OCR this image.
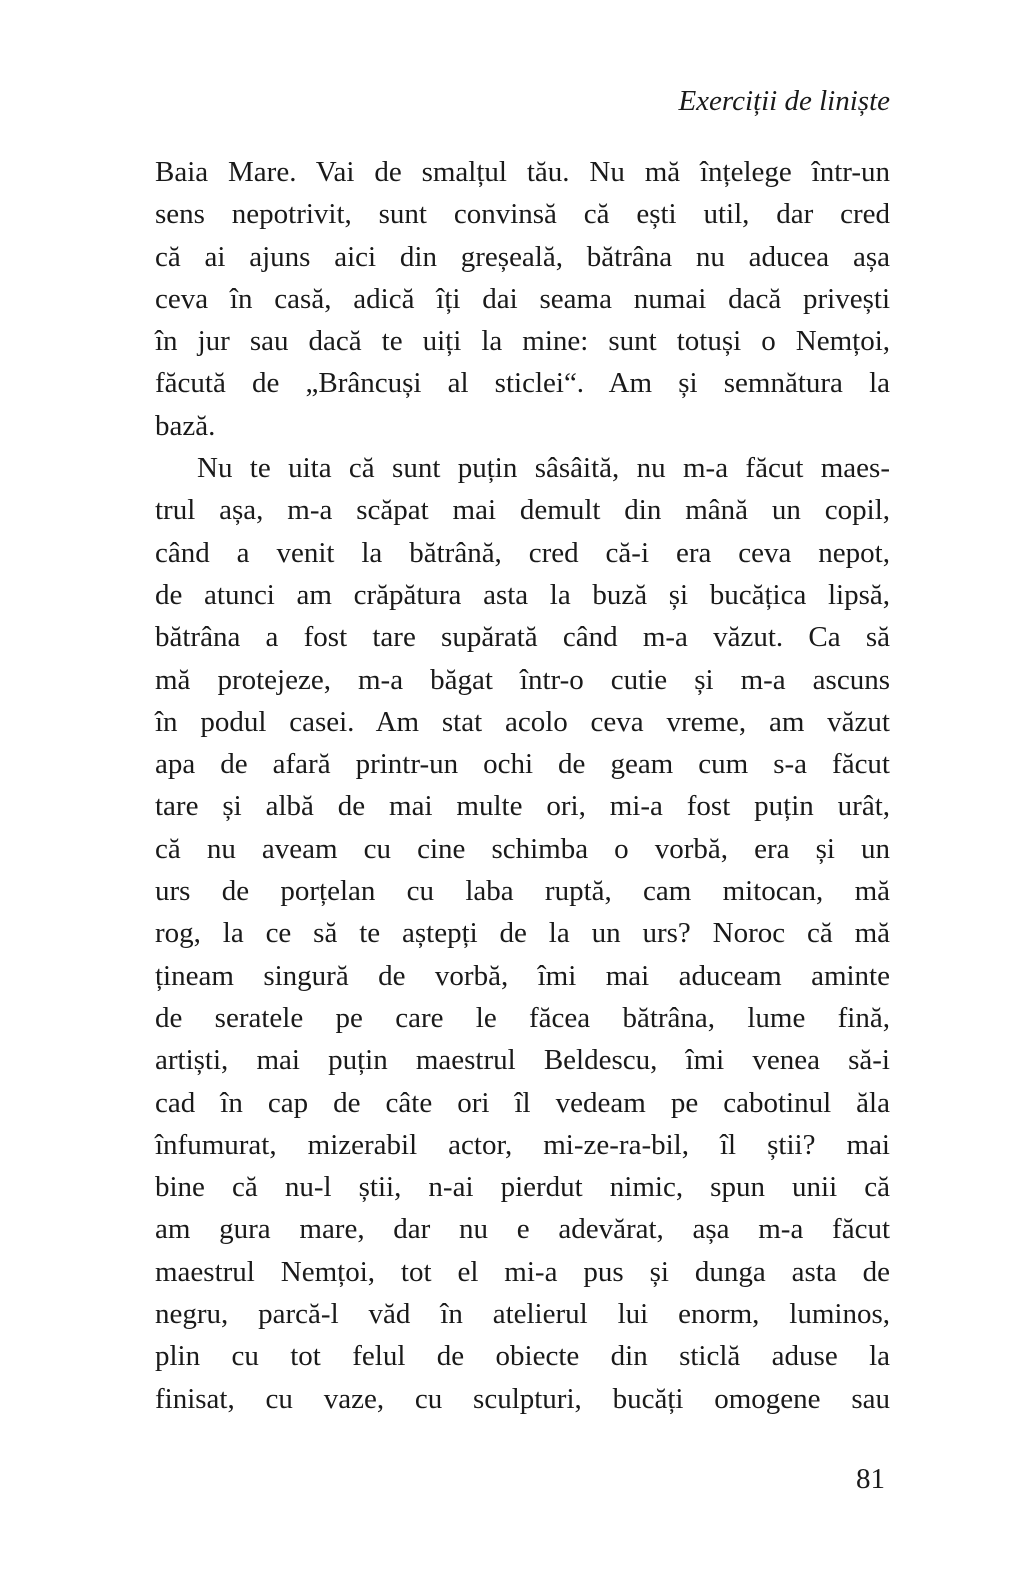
Exerciții de liniște
Baia Mare. Vai de smalțul tău. Nu mă înțelege într-un
sens nepotrivit, sunt convinsă că ești util, dar cred
că ai ajuns aici din greșeală, bătrâna nu aducea așa
ceva în casă, adică îți dai seama numai dacă privești
în jur sau dacă te uiți la mine: sunt totuși o Nemțoi,
făcută de „Brâncuși al sticlei“. Am și semnătura la
bază.
Nu te uita că sunt puțin sâsâită, nu m-a făcut maes-
trul așa, m-a scăpat mai demult din mână un copil,
când a venit la bătrână, cred că-i era ceva nepot,
de atunci am crăpătura asta la buză și bucățica lipsă,
bătrâna a fost tare supărată când m-a văzut. Ca să
mă protejeze, m-a băgat într-o cutie și m-a ascuns
în podul casei. Am stat acolo ceva vreme, am văzut
apa de afară printr-un ochi de geam cum s-a făcut
tare și albă de mai multe ori, mi-a fost puțin urât,
că nu aveam cu cine schimba o vorbă, era și un
urs de porțelan cu laba ruptă, cam mitocan, mă
rog, la ce să te aștepți de la un urs? Noroc că mă
țineam singură de vorbă, îmi mai aduceam aminte
de seratele pe care le făcea bătrâna, lume fină,
artiști, mai puțin maestrul Beldescu, îmi venea să-i
cad în cap de câte ori îl vedeam pe cabotinul ăla
înfumurat, mizerabil actor, mi-ze-ra-bil, îl știi? mai
bine că nu-l știi, n-ai pierdut nimic, spun unii că
am gura mare, dar nu e adevărat, așa m-a făcut
maestrul Nemțoi, tot el mi-a pus și dunga asta de
negru, parcă-l văd în atelierul lui enorm, luminos,
plin cu tot felul de obiecte din sticlă aduse la
finisat, cu vaze, cu sculpturi, bucăți omogene sau
81
